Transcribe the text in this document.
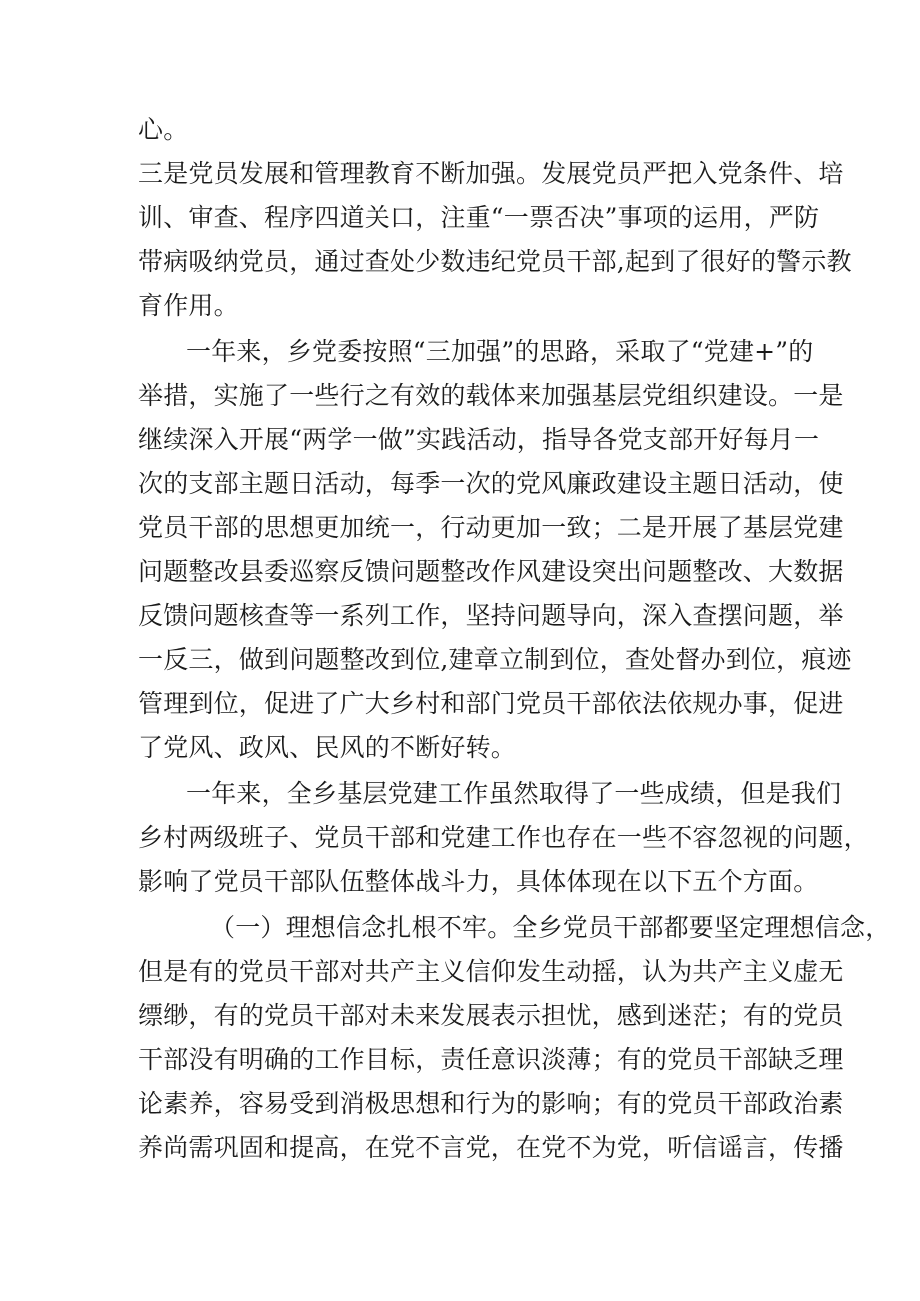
心。
三是党员发展和管理教育不断加强。发展党员严把入党条件、培
训、审查、程序四道关口，注重“一票否决”事项的运用，严防
带病吸纳党员，通过查处少数违纪党员干部,起到了很好的警示教
育作用。
一年来，乡党委按照“三加强”的思路，采取了“党建+”的
举措，实施了一些行之有效的载体来加强基层党组织建设。一是
继续深入开展“两学一做”实践活动，指导各党支部开好每月一
次的支部主题日活动，每季一次的党风廉政建设主题日活动，使
党员干部的思想更加统一，行动更加一致；二是开展了基层党建
问题整改县委巡察反馈问题整改作风建设突出问题整改、大数据
反馈问题核查等一系列工作，坚持问题导向，深入查摆问题，举
一反三，做到问题整改到位,建章立制到位，查处督办到位，痕迹
管理到位，促进了广大乡村和部门党员干部依法依规办事，促进
了党风、政风、民风的不断好转。
一年来，全乡基层党建工作虽然取得了一些成绩，但是我们
乡村两级班子、党员干部和党建工作也存在一些不容忽视的问题，
影响了党员干部队伍整体战斗力，具体体现在以下五个方面。
（一）理想信念扎根不牢。全乡党员干部都要坚定理想信念，
但是有的党员干部对共产主义信仰发生动摇，认为共产主义虚无
缥缈，有的党员干部对未来发展表示担忧，感到迷茫；有的党员
干部没有明确的工作目标，责任意识淡薄；有的党员干部缺乏理
论素养，容易受到消极思想和行为的影响；有的党员干部政治素
养尚需巩固和提高，在党不言党，在党不为党，听信谣言，传播
